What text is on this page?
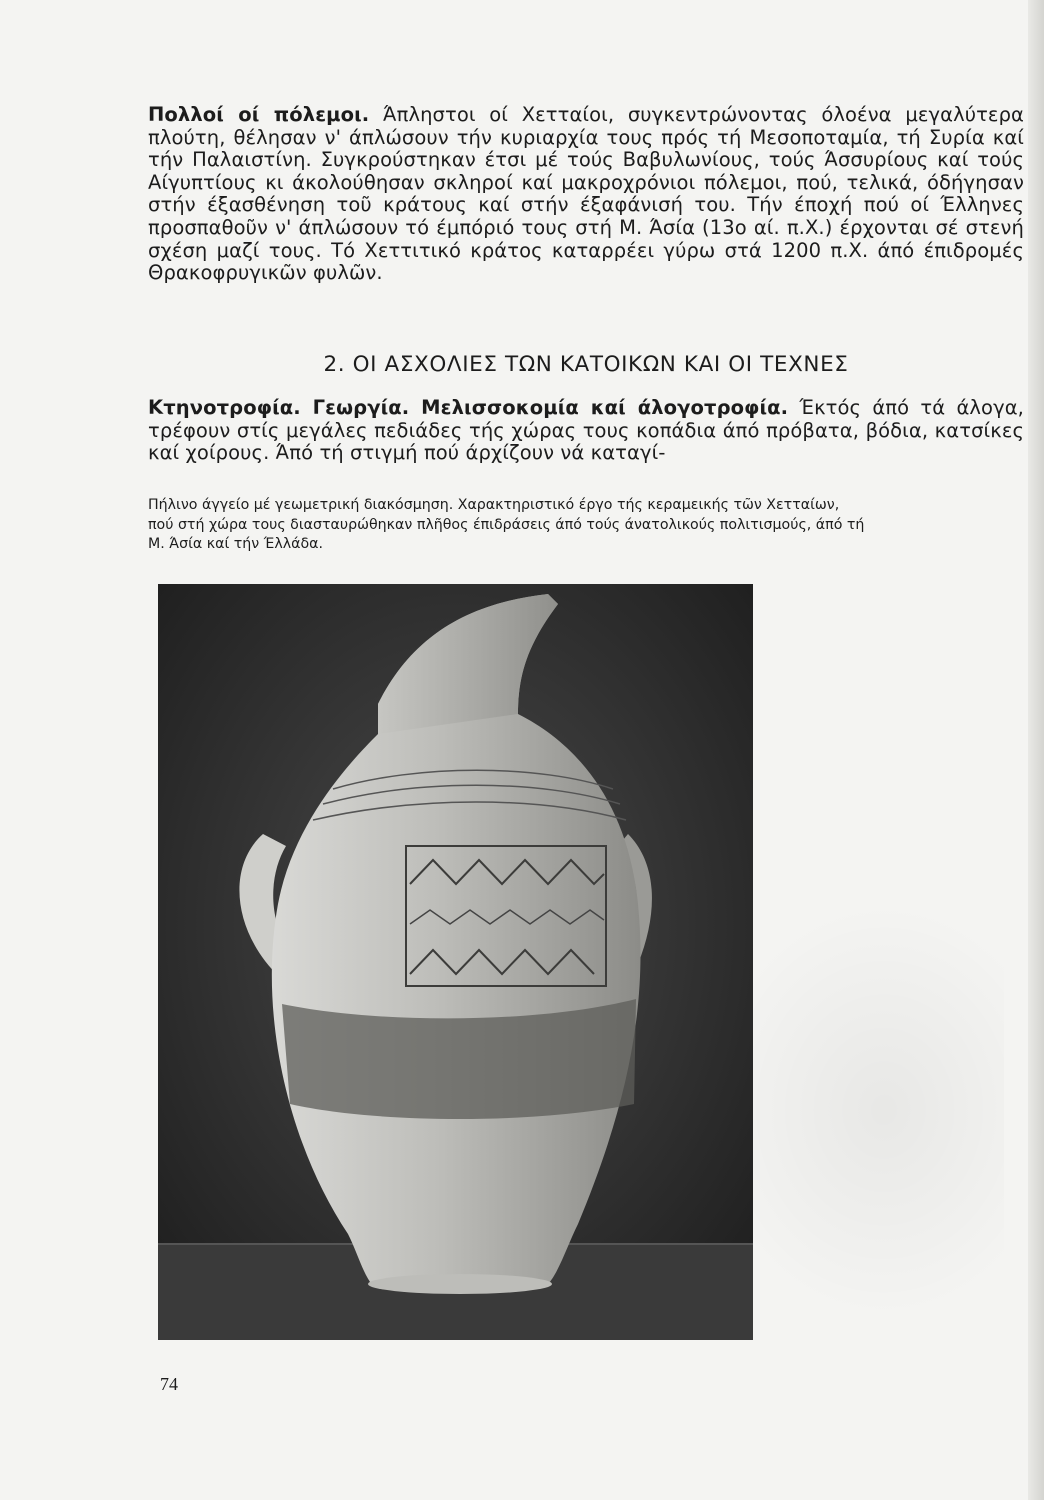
Πολλοί οί πόλεμοι. Άπληστοι οί Χετταίοι, συγκεντρώνοντας όλοένα μεγαλύτερα πλούτη, θέλησαν ν' άπλώσουν τήν κυριαρχία τους πρός τή Μεσοποταμία, τή Συρία καί τήν Παλαιστίνη. Συγκρούστηκαν έτσι μέ τούς Βαβυλωνίους, τούς Άσσυρίους καί τούς Αίγυπτίους κι άκολούθησαν σκληροί καί μακροχρόνιοι πόλεμοι, πού, τελικά, όδήγησαν στήν έξασθένηση τοῦ κράτους καί στήν έξαφάνισή του. Τήν έποχή πού οί Έλληνες προσπαθοῦν ν' άπλώσουν τό έμπόριό τους στή Μ. Άσία (13ο αί. π.Χ.) έρχονται σέ στενή σχέση μαζί τους. Τό Χεττιτικό κράτος καταρρέει γύρω στά 1200 π.Χ. άπό έπιδρομές Θρακοφρυγικῶν φυλῶν.

2. ΟΙ ΑΣΧΟΛΙΕΣ ΤΩΝ ΚΑΤΟΙΚΩΝ ΚΑΙ ΟΙ ΤΕΧΝΕΣ

Κτηνοτροφία. Γεωργία. Μελισσοκομία καί άλογοτροφία. Έκτός άπό τά άλογα, τρέφουν στίς μεγάλες πεδιάδες τής χώρας τους κοπάδια άπό πρόβατα, βόδια, κατσίκες καί χοίρους. Άπό τή στιγμή πού άρχίζουν νά καταγί-

Πήλινο άγγείο μέ γεωμετρική διακόσμηση. Χαρακτηριστικό έργο τής κεραμεικής τῶν Χετταίων, πού στή χώρα τους διασταυρώθηκαν πλῆθος έπιδράσεις άπό τούς άνατολικούς πολιτισμούς, άπό τή Μ. Άσία καί τήν Έλλάδα.

74
